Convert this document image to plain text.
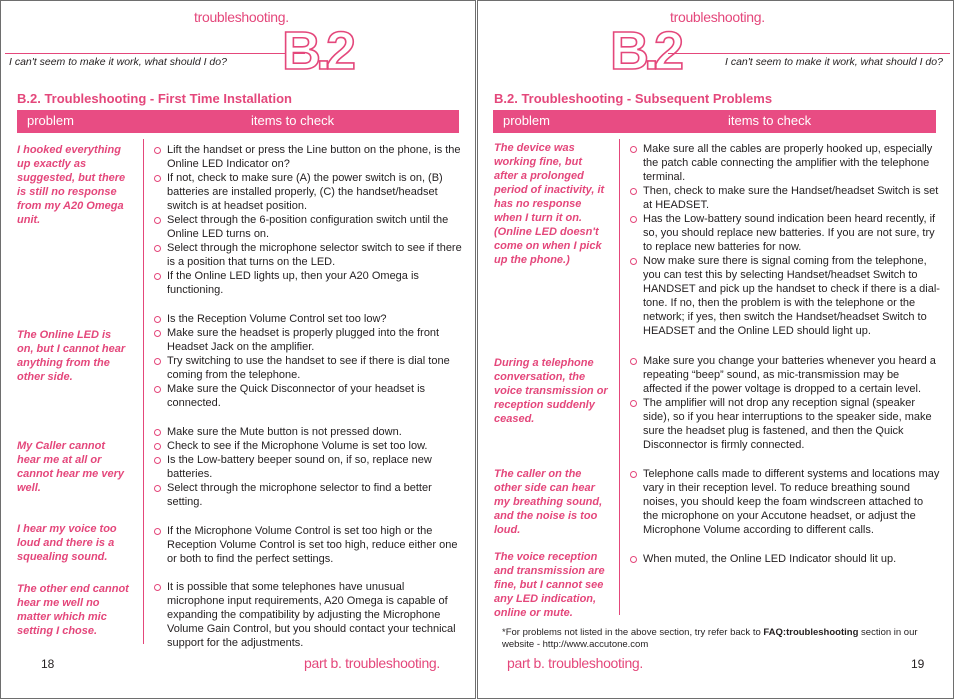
troubleshooting.
I can't seem to make it work, what should I do? B.2
B.2. Troubleshooting - First Time Installation
problem	items to check
I hooked everything up exactly as suggested, but there is still no response from my A20 Omega unit.
Lift the handset or press the Line button on the phone, is the Online LED Indicator on?
If not, check to make sure (A) the power switch is on, (B) batteries are installed properly, (C) the handset/headset switch is at headset position.
Select through the 6-position configuration switch until the Online LED turns on.
Select through the microphone selector switch to see if there is a position that turns on the LED.
If the Online LED lights up, then your A20 Omega is functioning.
The Online LED is on, but I cannot hear anything from the other side.
Is the Reception Volume Control set too low?
Make sure the headset is properly plugged into the front Headset Jack on the amplifier.
Try switching to use the handset to see if there is dial tone coming from the telephone.
Make sure the Quick Disconnector of your headset is connected.
My Caller cannot hear me at all or cannot hear me very well.
Make sure the Mute button is not pressed down.
Check to see if the Microphone Volume is set too low.
Is the Low-battery beeper sound on, if so, replace new batteries.
Select through the microphone selector to find a better setting.
I hear my voice too loud and there is a squealing sound.
If the Microphone Volume Control is set too high or the Reception Volume Control is set too high, reduce either one or both to find the perfect settings.
The other end cannot hear me well no matter which mic setting I chose.
It is possible that some telephones have unusual microphone input requirements, A20 Omega is capable of expanding the compatibility by adjusting the Microphone Volume Gain Control, but you should contact your technical support for the adjustments.
18	part b. troubleshooting.
troubleshooting.
B.2	I can't seem to make it work, what should I do?
B.2. Troubleshooting - Subsequent Problems
problem	items to check
The device was working fine, but after a prolonged period of inactivity, it has no response when I turn it on. (Online LED doesn't come on when I pick up the phone.)
Make sure all the cables are properly hooked up, especially the patch cable connecting the amplifier with the telephone terminal.
Then, check to make sure the Handset/headset Switch is set at HEADSET.
Has the Low-battery sound indication been heard recently, if so, you should replace new batteries. If you are not sure, try to replace new batteries for now.
Now make sure there is signal coming from the telephone, you can test this by selecting Handset/headset Switch to HANDSET and pick up the handset to check if there is a dial-tone. If no, then the problem is with the telephone or the network; if yes, then switch the Handset/headset Switch to HEADSET and the Online LED should light up.
During a telephone conversation, the voice transmission or reception suddenly ceased.
Make sure you change your batteries whenever you heard a repeating “beep” sound, as mic-transmission may be affected if the power voltage is dropped to a certain level.
The amplifier will not drop any reception signal (speaker side), so if you hear interruptions to the speaker side, make sure the headset plug is fastened, and then the Quick Disconnector is firmly connected.
The caller on the other side can hear my breathing sound, and the noise is too loud.
Telephone calls made to different systems and locations may vary in their reception level. To reduce breathing sound noises, you should keep the foam windscreen attached to the microphone on your Accutone headset, or adjust the Microphone Volume according to different calls.
The voice reception and transmission are fine, but I cannot see any LED indication, online or mute.
When muted, the Online LED Indicator should lit up.
*For problems not listed in the above section, try refer back to FAQ:troubleshooting section in our website - http://www.accutone.com
part b. troubleshooting.	19
